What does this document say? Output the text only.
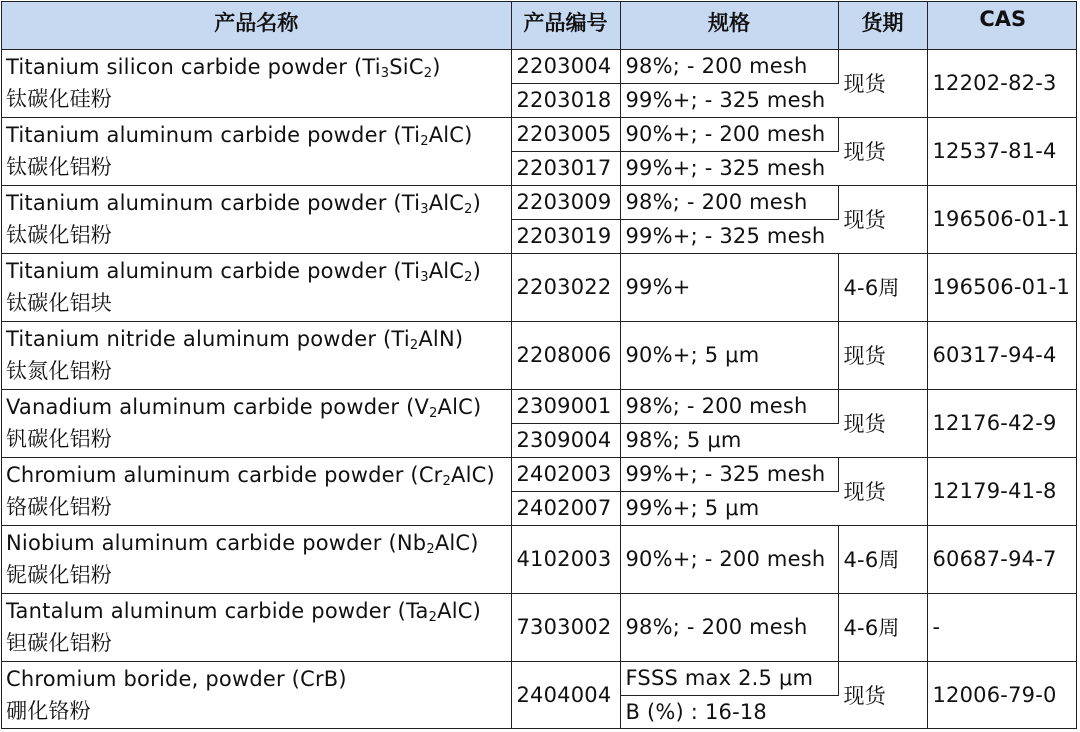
产品名称	产品编号	规格	货期	CAS

Titanium silicon carbide powder $(Ti_3SiC_2)$
钛碳化硅粉	2203004	98%; - 200 mesh	现货	12202-82-3
	2203018	99%+; - 325 mesh		

Titanium aluminum carbide powder $(Ti_2AlC)$
钛碳化铝粉	2203005	90%+; - 200 mesh	现货	12537-81-4
	2203017	99%+; - 325 mesh		

Titanium aluminum carbide powder $(Ti_3AlC_2)$
钛碳化铝粉	2203009	98%; - 200 mesh	现货	196506-01-1
	2203019	99%+; - 325 mesh		

Titanium aluminum carbide powder $(Ti_3AlC_2)$
钛碳化铝块	2203022	99%+	4-6周	196506-01-1

Titanium nitride aluminum powder $(Ti_2AlN)$
钛氮化铝粉	2208006	90%+; 5 μm	现货	60317-94-4

Vanadium aluminum carbide powder $(V_2AlC)$
钒碳化铝粉	2309001	98%; - 200 mesh	现货	12176-42-9
	2309004	98%; 5 μm		

Chromium aluminum carbide powder $(Cr_2AlC)$
铬碳化铝粉	2402003	99%+; - 325 mesh	现货	12179-41-8
	2402007	99%+; 5 μm		

Niobium aluminum carbide powder $(Nb_2AlC)$
铌碳化铝粉	4102003	90%+; - 200 mesh	4-6周	60687-94-7

Tantalum aluminum carbide powder $(Ta_2AlC)$
钽碳化铝粉	7303002	98%; - 200 mesh	4-6周	-

Chromium boride, powder (CrB)
硼化铬粉	2404004	FSSS max 2.5 μm	现货	12006-79-0
		B (%) : 16-18		
